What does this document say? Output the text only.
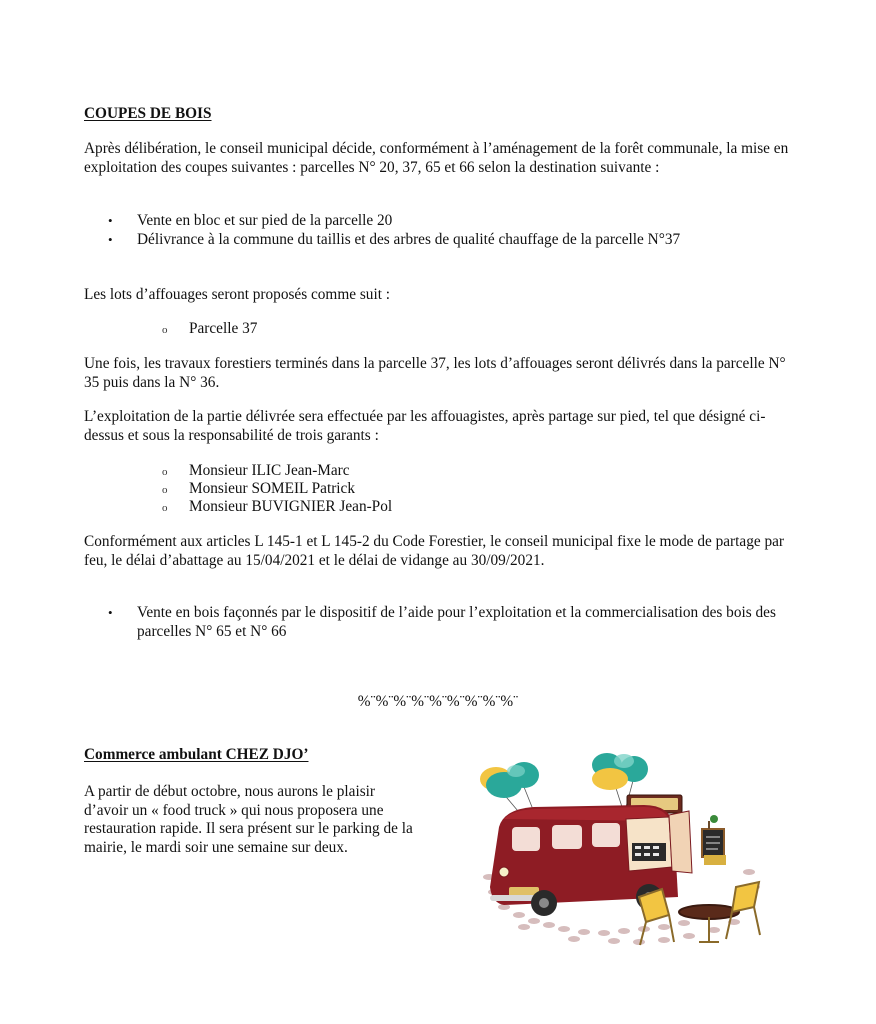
COUPES DE BOIS
Après délibération, le conseil municipal décide, conformément à l’aménagement de la forêt communale, la mise en exploitation des coupes suivantes : parcelles N° 20, 37, 65 et 66 selon la destination suivante :
• Vente en bloc et sur pied de la parcelle 20
• Délivrance à la commune du taillis et des arbres de qualité chauffage de la parcelle N°37
Les lots d’affouages seront proposés comme suit :
o Parcelle 37
Une fois, les travaux forestiers terminés dans la parcelle 37, les lots d’affouages seront délivrés dans la parcelle N° 35 puis dans la N° 36.
L’exploitation de la partie délivrée sera effectuée par les affouagistes, après partage sur pied, tel que désigné ci-dessus et sous la responsabilité de trois garants :
o Monsieur ILIC Jean-Marc
o Monsieur SOMEIL Patrick
o Monsieur BUVIGNIER Jean-Pol
Conformément aux articles L 145-1 et L 145-2 du Code Forestier, le conseil municipal fixe le mode de partage par feu, le délai d’abattage au 15/04/2021 et le délai de vidange au 30/09/2021.
• Vente en bois façonnés par le dispositif de l’aide pour l’exploitation et la commercialisation des bois des parcelles N° 65 et N° 66
%¨%¨%¨%¨%¨%¨%¨%¨%¨
Commerce ambulant CHEZ DJO’
A partir de début octobre, nous aurons le plaisir d’avoir un « food truck » qui nous proposera une restauration rapide. Il sera présent sur le parking de la mairie, le mardi soir une semaine sur deux.
